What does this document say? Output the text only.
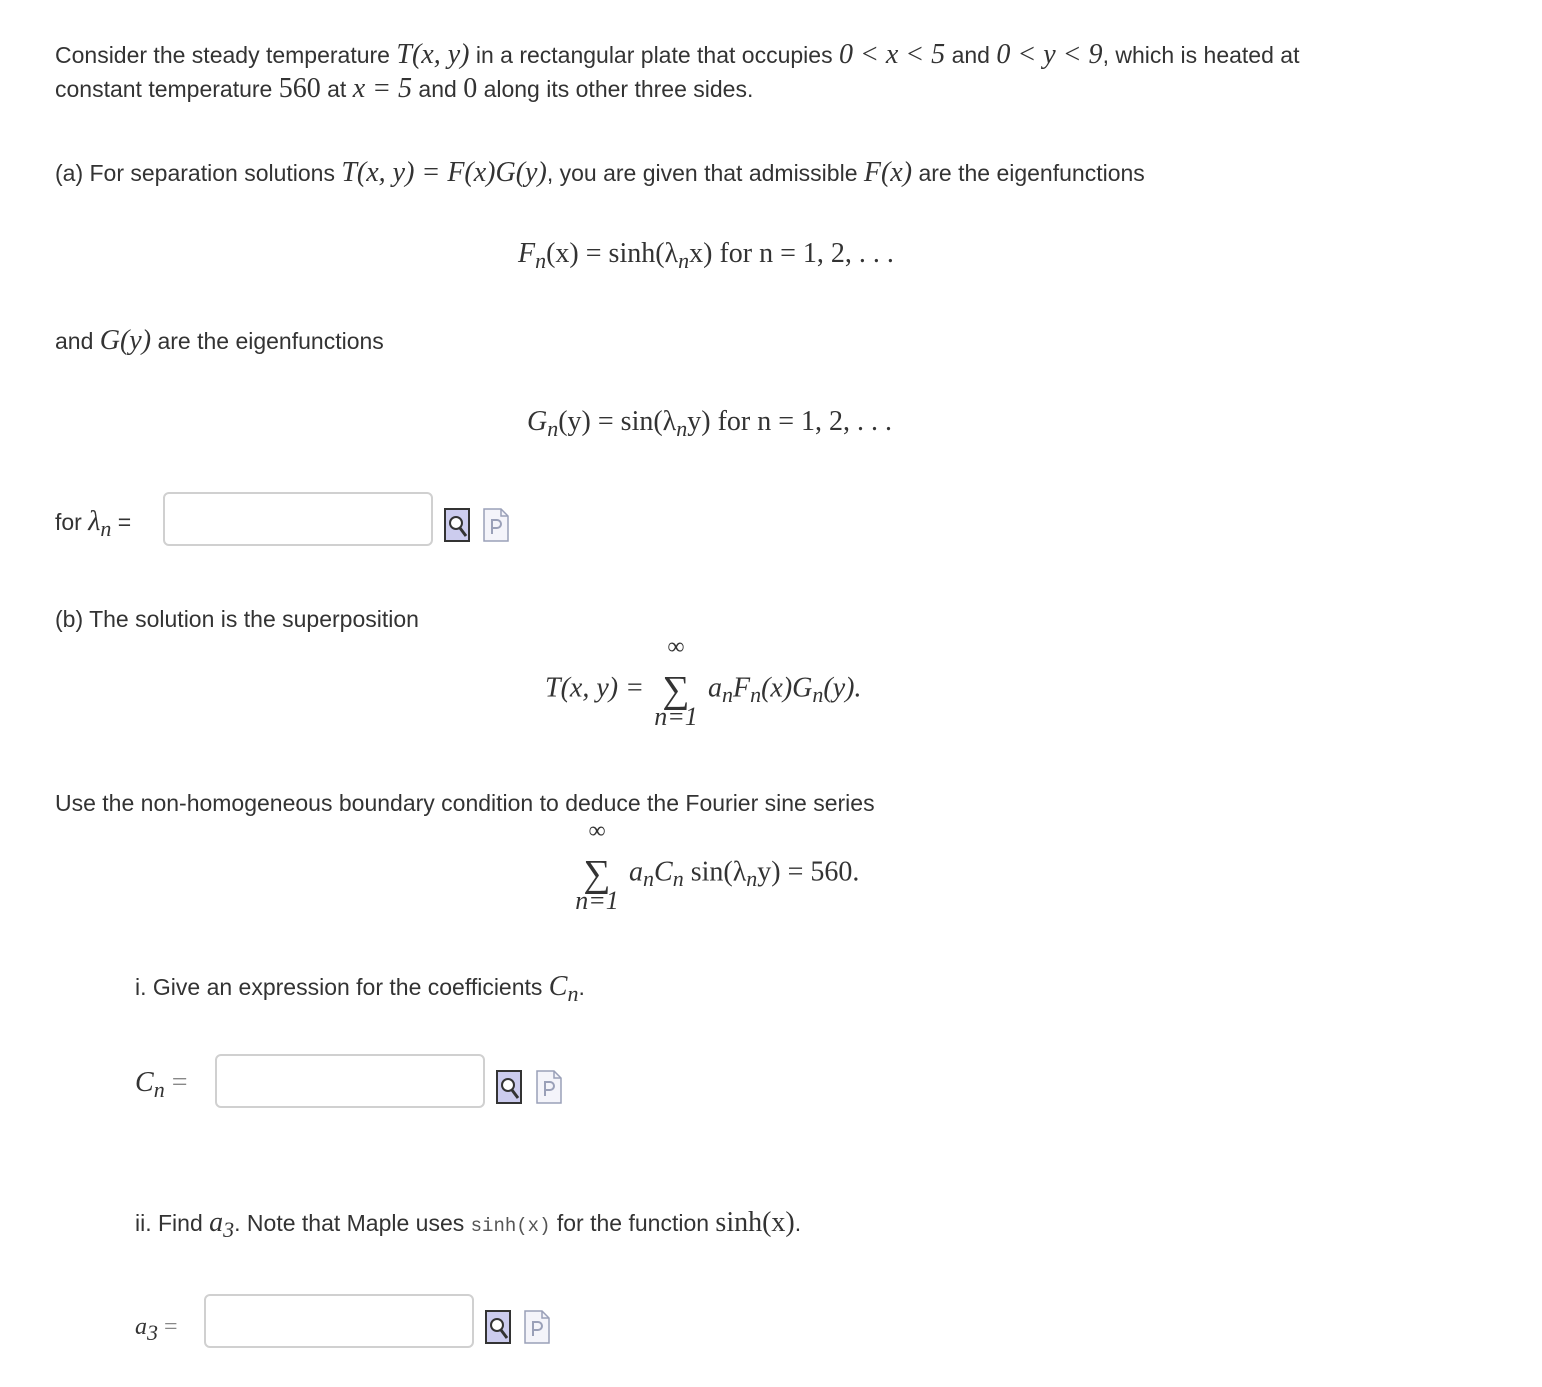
Consider the steady temperature T(x, y) in a rectangular plate that occupies 0 < x < 5 and 0 < y < 9, which is heated at
constant temperature 560 at x = 5 and 0 along its other three sides.
(a) For separation solutions T(x, y) = F(x)G(y), you are given that admissible F(x) are the eigenfunctions
$F_n(x) = \sinh(\lambda_nx)$ for n = 1, 2, . . .
and G(y) are the eigenfunctions
$G_n(y) = \sin(\lambda_ny)$ for n = 1, 2, . . .
for λn =
(b) The solution is the superposition
T(x, y) =
∞
∑
n=1
$a_nF_n(x)G_n(y)$.
Use the non-homogeneous boundary condition to deduce the Fourier sine series
∞
∑
n=1
$a_nC_n$ $\sin(\lambda_ny) = 560$.
i. Give an expression for the coefficients Cn.
$C_n$ =
ii. Find a3. Note that Maple uses sinh(x) for the function sinh(x).
a3 =
